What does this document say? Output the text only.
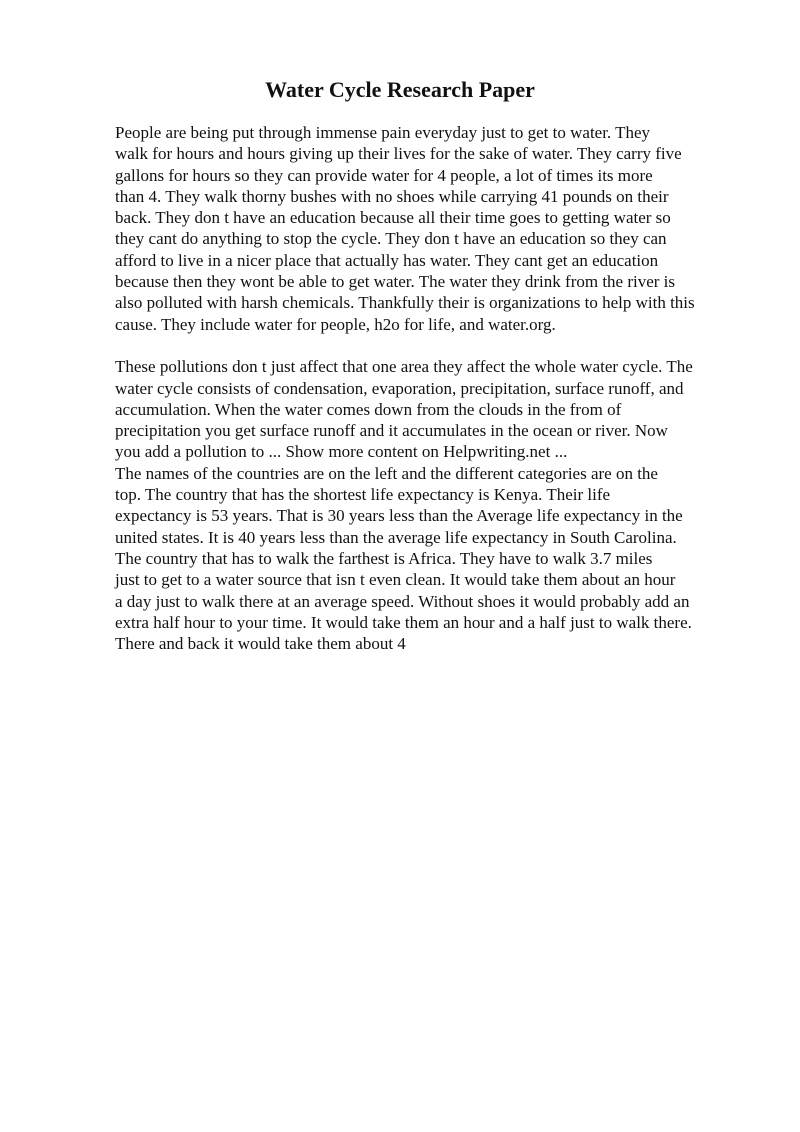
Water Cycle Research Paper

People are being put through immense pain everyday just to get to water. They
walk for hours and hours giving up their lives for the sake of water. They carry five
gallons for hours so they can provide water for 4 people, a lot of times its more
than 4. They walk thorny bushes with no shoes while carrying 41 pounds on their
back. They don t have an education because all their time goes to getting water so
they cant do anything to stop the cycle. They don t have an education so they can
afford to live in a nicer place that actually has water. They cant get an education
because then they wont be able to get water. The water they drink from the river is
also polluted with harsh chemicals. Thankfully their is organizations to help with this
cause. They include water for people, h2o for life, and water.org.

These pollutions don t just affect that one area they affect the whole water cycle. The
water cycle consists of condensation, evaporation, precipitation, surface runoff, and
accumulation. When the water comes down from the clouds in the from of
precipitation you get surface runoff and it accumulates in the ocean or river. Now
you add a pollution to ... Show more content on Helpwriting.net ...
The names of the countries are on the left and the different categories are on the
top. The country that has the shortest life expectancy is Kenya. Their life
expectancy is 53 years. That is 30 years less than the Average life expectancy in the
united states. It is 40 years less than the average life expectancy in South Carolina.
The country that has to walk the farthest is Africa. They have to walk 3.7 miles
just to get to a water source that isn t even clean. It would take them about an hour
a day just to walk there at an average speed. Without shoes it would probably add an
extra half hour to your time. It would take them an hour and a half just to walk there.
There and back it would take them about 4
